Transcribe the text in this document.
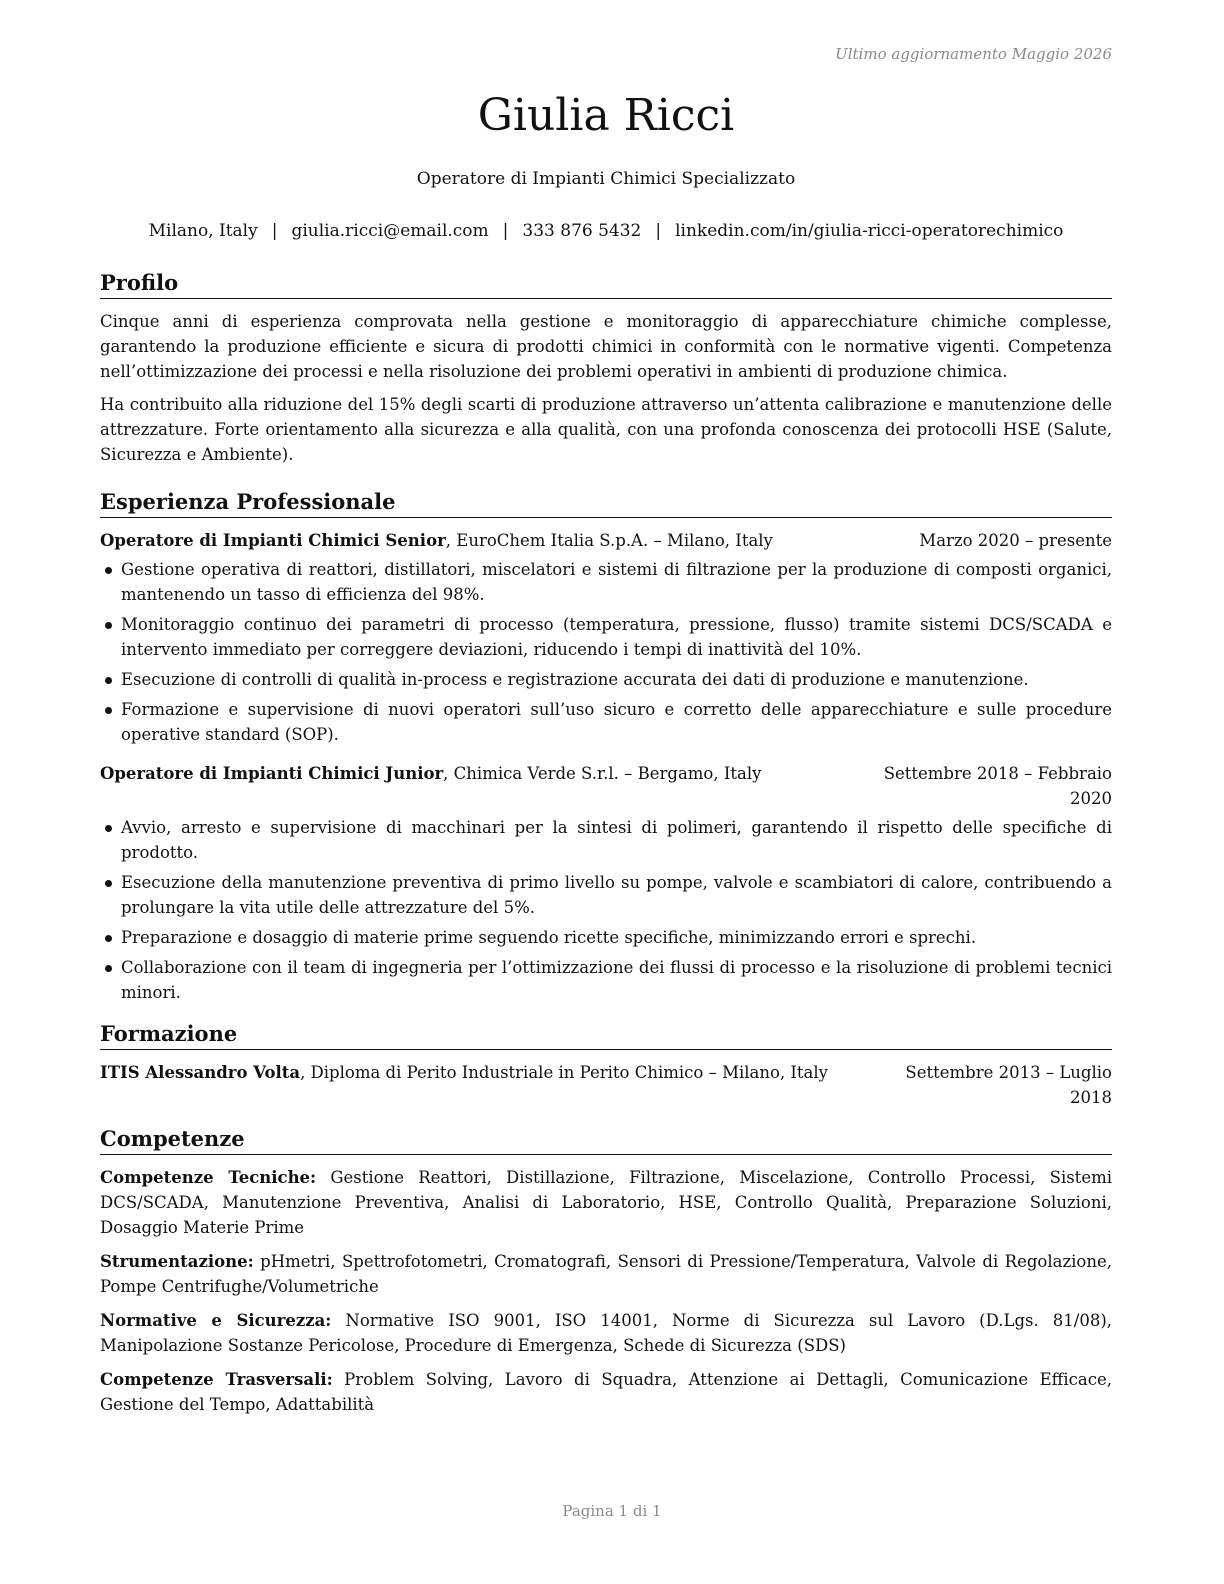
Ultimo aggiornamento Maggio 2026
Giulia Ricci
Operatore di Impianti Chimici Specializzato
Milano, Italy | giulia.ricci@email.com | 333 876 5432 | linkedin.com/in/giulia-ricci-operatorechimico
Profilo

Cinque anni di esperienza comprovata nella gestione e monitoraggio di apparecchiature chimiche complesse, garantendo la produzione efficiente e sicura di prodotti chimici in conformità con le normative vigenti. Competenza nell’ottimizzazione dei processi e nella risoluzione dei problemi operativi in ambienti di produzione chimica.

Ha contribuito alla riduzione del 15% degli scarti di produzione attraverso un’attenta calibrazione e manutenzione delle attrezzature. Forte orientamento alla sicurezza e alla qualità, con una profonda conoscenza dei protocolli HSE (Salute, Sicurezza e Ambiente).

Esperienza Professionale
Operatore di Impianti Chimici Senior, EuroChem Italia S.p.A. – Milano, Italy	Marzo 2020 – presente
Gestione operativa di reattori, distillatori, miscelatori e sistemi di filtrazione per la produzione di composti organici, mantenendo un tasso di efficienza del 98%.
Monitoraggio continuo dei parametri di processo (temperatura, pressione, flusso) tramite sistemi DCS/SCADA e intervento immediato per correggere deviazioni, riducendo i tempi di inattività del 10%.
Esecuzione di controlli di qualità in-process e registrazione accurata dei dati di produzione e manutenzione.
Formazione e supervisione di nuovi operatori sull’uso sicuro e corretto delle apparecchiature e sulle procedure operative standard (SOP).
Operatore di Impianti Chimici Junior, Chimica Verde S.r.l. – Bergamo, Italy	Settembre 2018 – Febbraio 2020
Avvio, arresto e supervisione di macchinari per la sintesi di polimeri, garantendo il rispetto delle specifiche di prodotto.
Esecuzione della manutenzione preventiva di primo livello su pompe, valvole e scambiatori di calore, contribuendo a prolungare la vita utile delle attrezzature del 5%.
Preparazione e dosaggio di materie prime seguendo ricette specifiche, minimizzando errori e sprechi.
Collaborazione con il team di ingegneria per l’ottimizzazione dei flussi di processo e la risoluzione di problemi tecnici minori.
Formazione
ITIS Alessandro Volta, Diploma di Perito Industriale in Perito Chimico – Milano, Italy	Settembre 2013 – Luglio 2018
Competenze

Competenze Tecniche: Gestione Reattori, Distillazione, Filtrazione, Miscelazione, Controllo Processi, Sistemi DCS/SCADA, Manutenzione Preventiva, Analisi di Laboratorio, HSE, Controllo Qualità, Preparazione Soluzioni, Dosaggio Materie Prime

Strumentazione: pHmetri, Spettrofotometri, Cromatografi, Sensori di Pressione/Temperatura, Valvole di Regolazione, Pompe Centrifughe/Volumetriche

Normative e Sicurezza: Normative ISO 9001, ISO 14001, Norme di Sicurezza sul Lavoro (D.Lgs. 81/08), Manipolazione Sostanze Pericolose, Procedure di Emergenza, Schede di Sicurezza (SDS)

Competenze Trasversali: Problem Solving, Lavoro di Squadra, Attenzione ai Dettagli, Comunicazione Efficace, Gestione del Tempo, Adattabilità

Pagina 1 di 1
